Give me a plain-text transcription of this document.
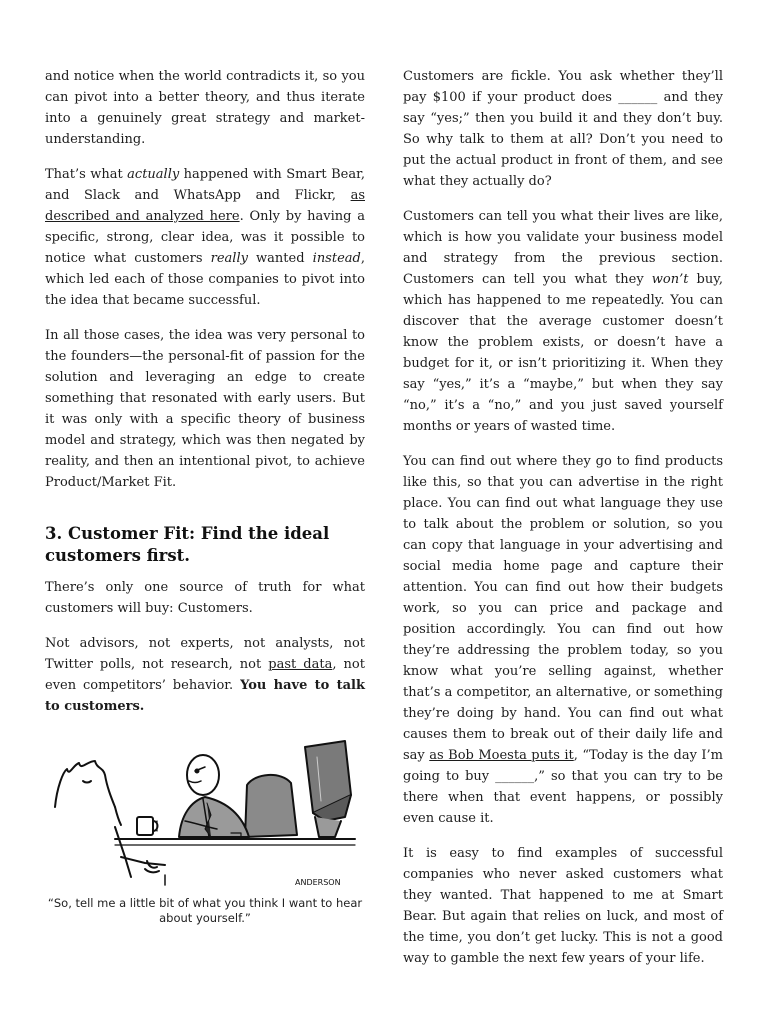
and notice when the world contradicts it, so you can pivot into a better theory, and thus iterate into a genuinely great strategy and market-understanding.

That’s what actually happened with Smart Bear, and Slack and WhatsApp and Flickr, as described and analyzed here. Only by having a specific, strong, clear idea, was it possible to notice what customers really wanted instead, which led each of those companies to pivot into the idea that became successful.

In all those cases, the idea was very personal to the founders—the personal-fit of passion for the solution and leveraging an edge to create something that resonated with early users. But it was only with a specific theory of business model and strategy, which was then negated by reality, and then an intentional pivot, to achieve Product/Market Fit.

3. Customer Fit: Find the ideal customers first.

There’s only one source of truth for what customers will buy: Customers.

Not advisors, not experts, not analysts, not Twitter polls, not research, not past data, not even competitors’ behavior. You have to talk to customers.

ANDERSON
“So, tell me a little bit of what you think I want to hear about yourself.”

Customers are fickle. You ask whether they’ll pay $100 if your product does ______ and they say “yes;” then you build it and they don’t buy. So why talk to them at all? Don’t you need to put the actual product in front of them, and see what they actually do?

Customers can tell you what their lives are like, which is how you validate your business model and strategy from the previous section. Customers can tell you what they won’t buy, which has happened to me repeatedly. You can discover that the average customer doesn’t know the problem exists, or doesn’t have a budget for it, or isn’t prioritizing it. When they say “yes,” it’s a “maybe,” but when they say “no,” it’s a “no,” and you just saved yourself months or years of wasted time.

You can find out where they go to find products like this, so that you can advertise in the right place. You can find out what language they use to talk about the problem or solution, so you can copy that language in your advertising and social media home page and capture their attention. You can find out how their budgets work, so you can price and package and position accordingly. You can find out how they’re addressing the problem today, so you know what you’re selling against, whether that’s a competitor, an alternative, or something they’re doing by hand. You can find out what causes them to break out of their daily life and say as Bob Moesta puts it, “Today is the day I’m going to buy ______,” so that you can try to be there when that event happens, or possibly even cause it.

It is easy to find examples of successful companies who never asked customers what they wanted. That happened to me at Smart Bear. But again that relies on luck, and most of the time, you don’t get lucky. This is not a good way to gamble the next few years of your life.
